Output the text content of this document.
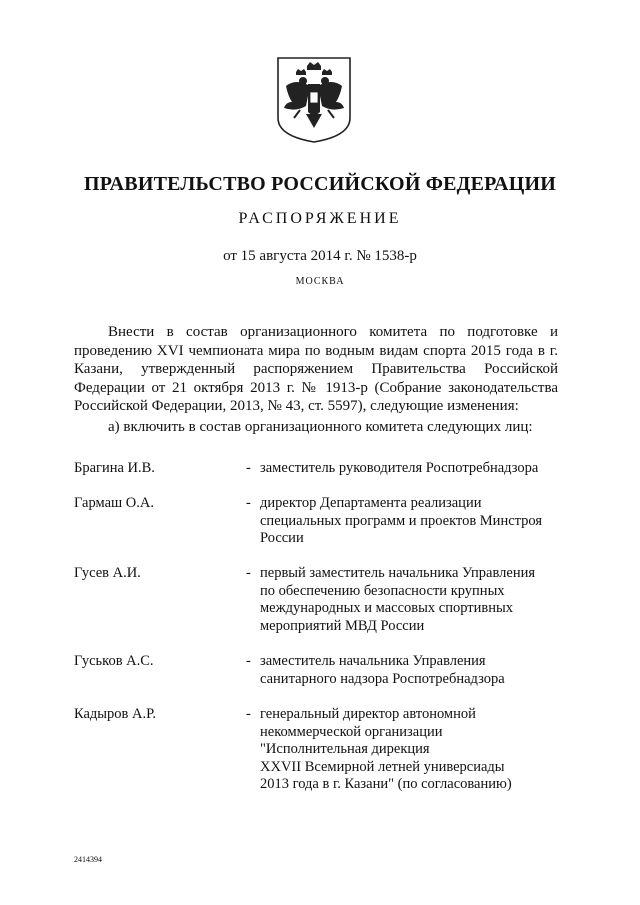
ПРАВИТЕЛЬСТВО РОССИЙСКОЙ ФЕДЕРАЦИИ
РАСПОРЯЖЕНИЕ
от 15 августа 2014 г. № 1538-р
МОСКВА
Внести в состав организационного комитета по подготовке и проведению XVI чемпионата мира по водным видам спорта 2015 года в г. Казани, утвержденный распоряжением Правительства Российской Федерации от 21 октября 2013 г. № 1913-р (Собрание законодательства Российской Федерации, 2013, № 43, ст. 5597), следующие изменения:
а) включить в состав организационного комитета следующих лиц:
Брагина И.В.	- заместитель руководителя Роспотребнадзора
Гармаш О.А.	- директор Департамента реализации
специальных программ и проектов Минстроя
России
Гусев А.И.	- первый заместитель начальника Управления
по обеспечению безопасности крупных
международных и массовых спортивных
мероприятий МВД России
Гуськов А.С.	- заместитель начальника Управления
санитарного надзора Роспотребнадзора
Кадыров А.Р.	- генеральный директор автономной
некоммерческой организации
"Исполнительная дирекция
XXVII Всемирной летней универсиады
2013 года в г. Казани" (по согласованию)
2414394
